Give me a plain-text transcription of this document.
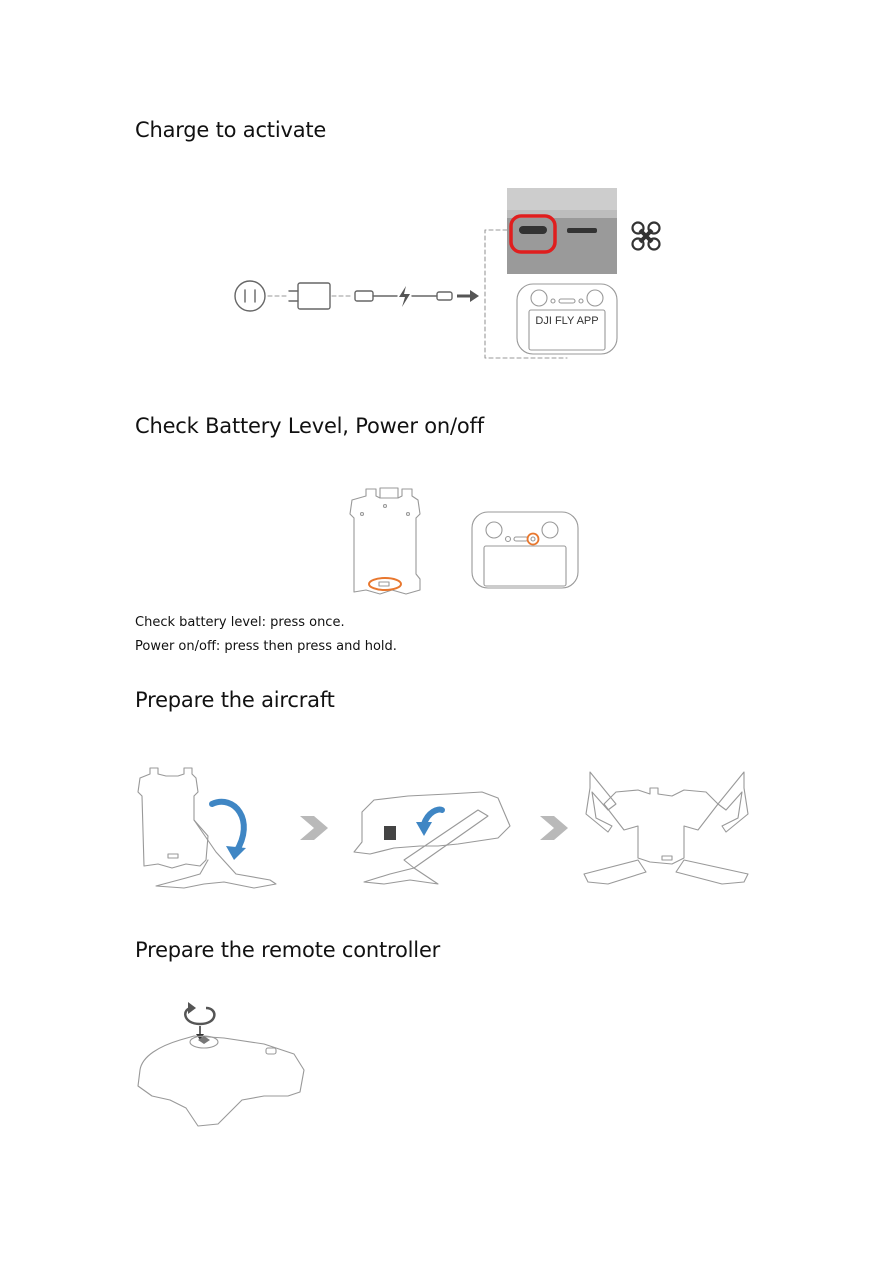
Charge to activate
DJI FLY APP
Check Battery Level, Power on/off

Check battery level: press once.

Power on/off: press then press and hold.

Prepare the aircraft
Prepare the remote controller
